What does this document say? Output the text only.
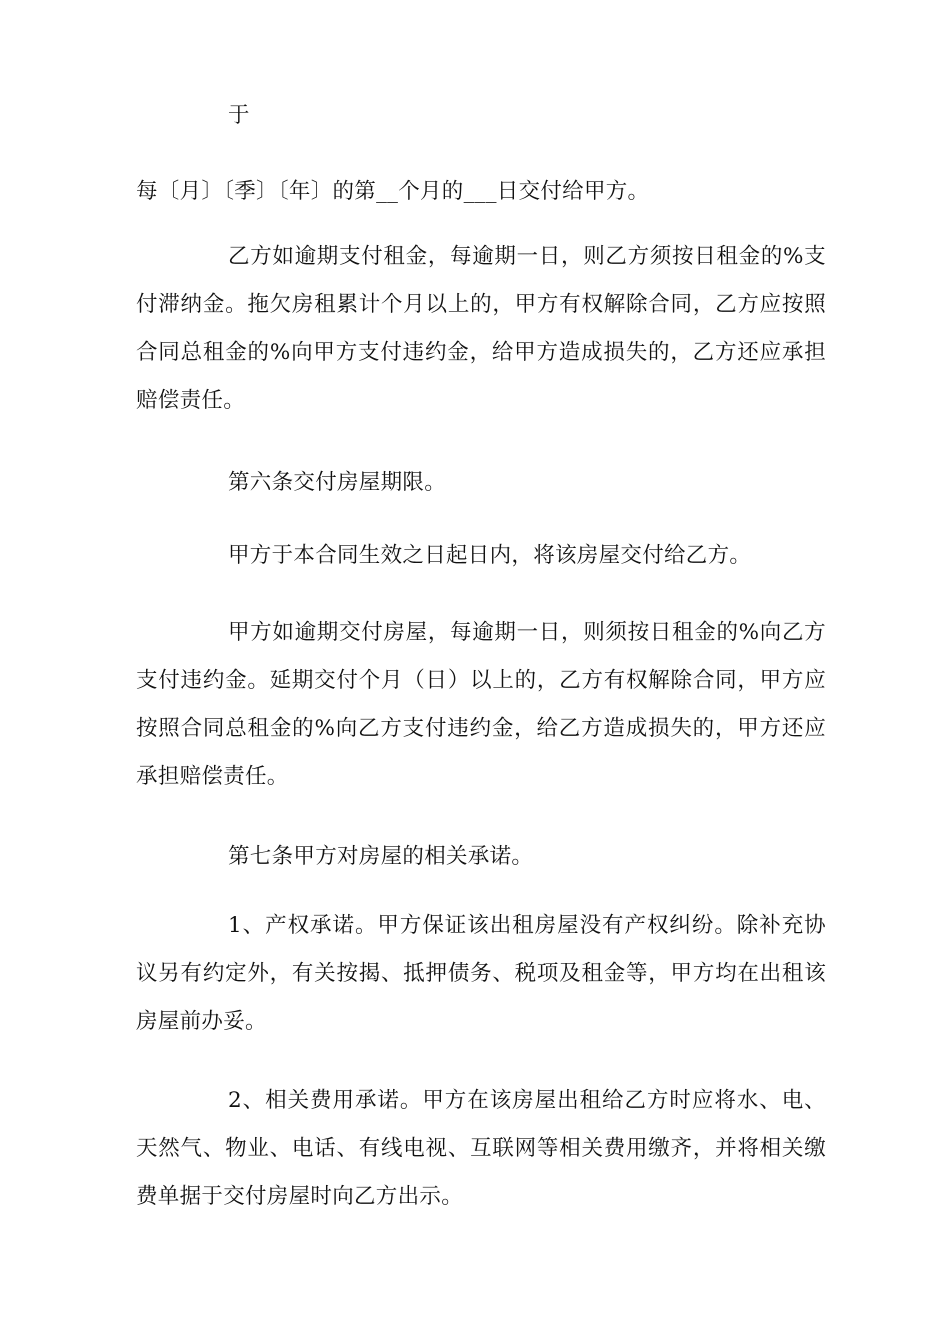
于

每〔月〕〔季〕〔年〕的第__个月的___日交付给甲方。

乙方如逾期支付租金，每逾期一日，则乙方须按日租金的%支付滞纳金。拖欠房租累计个月以上的，甲方有权解除合同，乙方应按照合同总租金的%向甲方支付违约金，给甲方造成损失的，乙方还应承担赔偿责任。

第六条交付房屋期限。

甲方于本合同生效之日起日内，将该房屋交付给乙方。

甲方如逾期交付房屋，每逾期一日，则须按日租金的%向乙方支付违约金。延期交付个月（日）以上的，乙方有权解除合同，甲方应按照合同总租金的%向乙方支付违约金，给乙方造成损失的，甲方还应承担赔偿责任。

第七条甲方对房屋的相关承诺。

1、产权承诺。甲方保证该出租房屋没有产权纠纷。除补充协议另有约定外，有关按揭、抵押债务、税项及租金等，甲方均在出租该房屋前办妥。

2、相关费用承诺。甲方在该房屋出租给乙方时应将水、电、天然气、物业、电话、有线电视、互联网等相关费用缴齐，并将相关缴费单据于交付房屋时向乙方出示。
